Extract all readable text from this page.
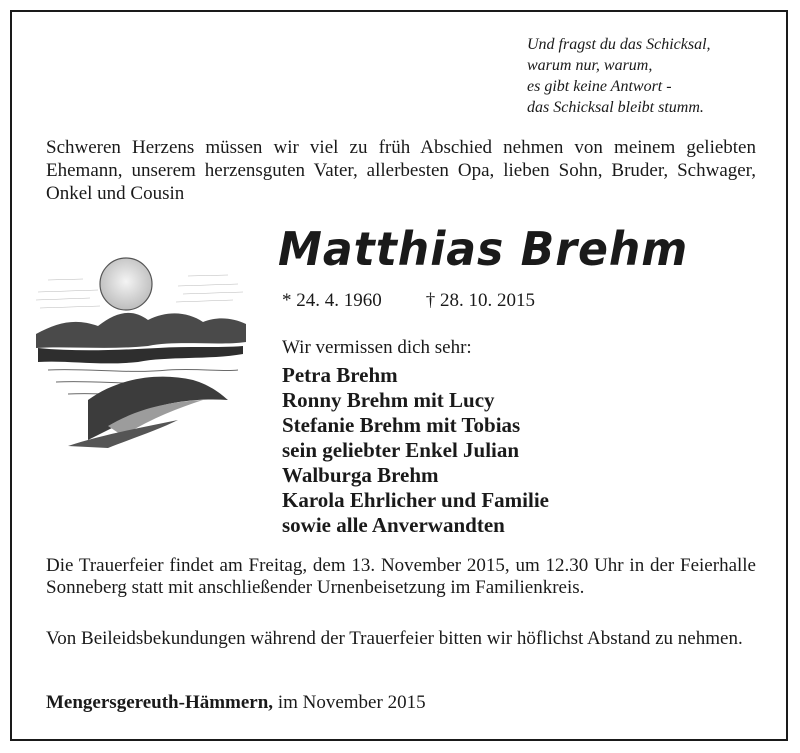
Und fragst du das Schicksal,
warum nur, warum,
es gibt keine Antwort -
das Schicksal bleibt stumm.
Schweren Herzens müssen wir viel zu früh Abschied nehmen von meinem geliebten Ehemann, unserem herzensguten Vater, allerbesten Opa, lieben Sohn, Bruder, Schwager, Onkel und Cousin
Matthias Brehm
* 24. 4. 1960 † 28. 10. 2015
Wir vermissen dich sehr:
Petra Brehm
Ronny Brehm mit Lucy
Stefanie Brehm mit Tobias
sein geliebter Enkel Julian
Walburga Brehm
Karola Ehrlicher und Familie
sowie alle Anverwandten
Die Trauerfeier findet am Freitag, dem 13. November 2015, um 12.30 Uhr in der Feierhalle Sonneberg statt mit anschließender Urnenbeisetzung im Familienkreis.
Von Beileidsbekundungen während der Trauerfeier bitten wir höflichst Abstand zu nehmen.
Mengersgereuth-Hämmern, im November 2015
